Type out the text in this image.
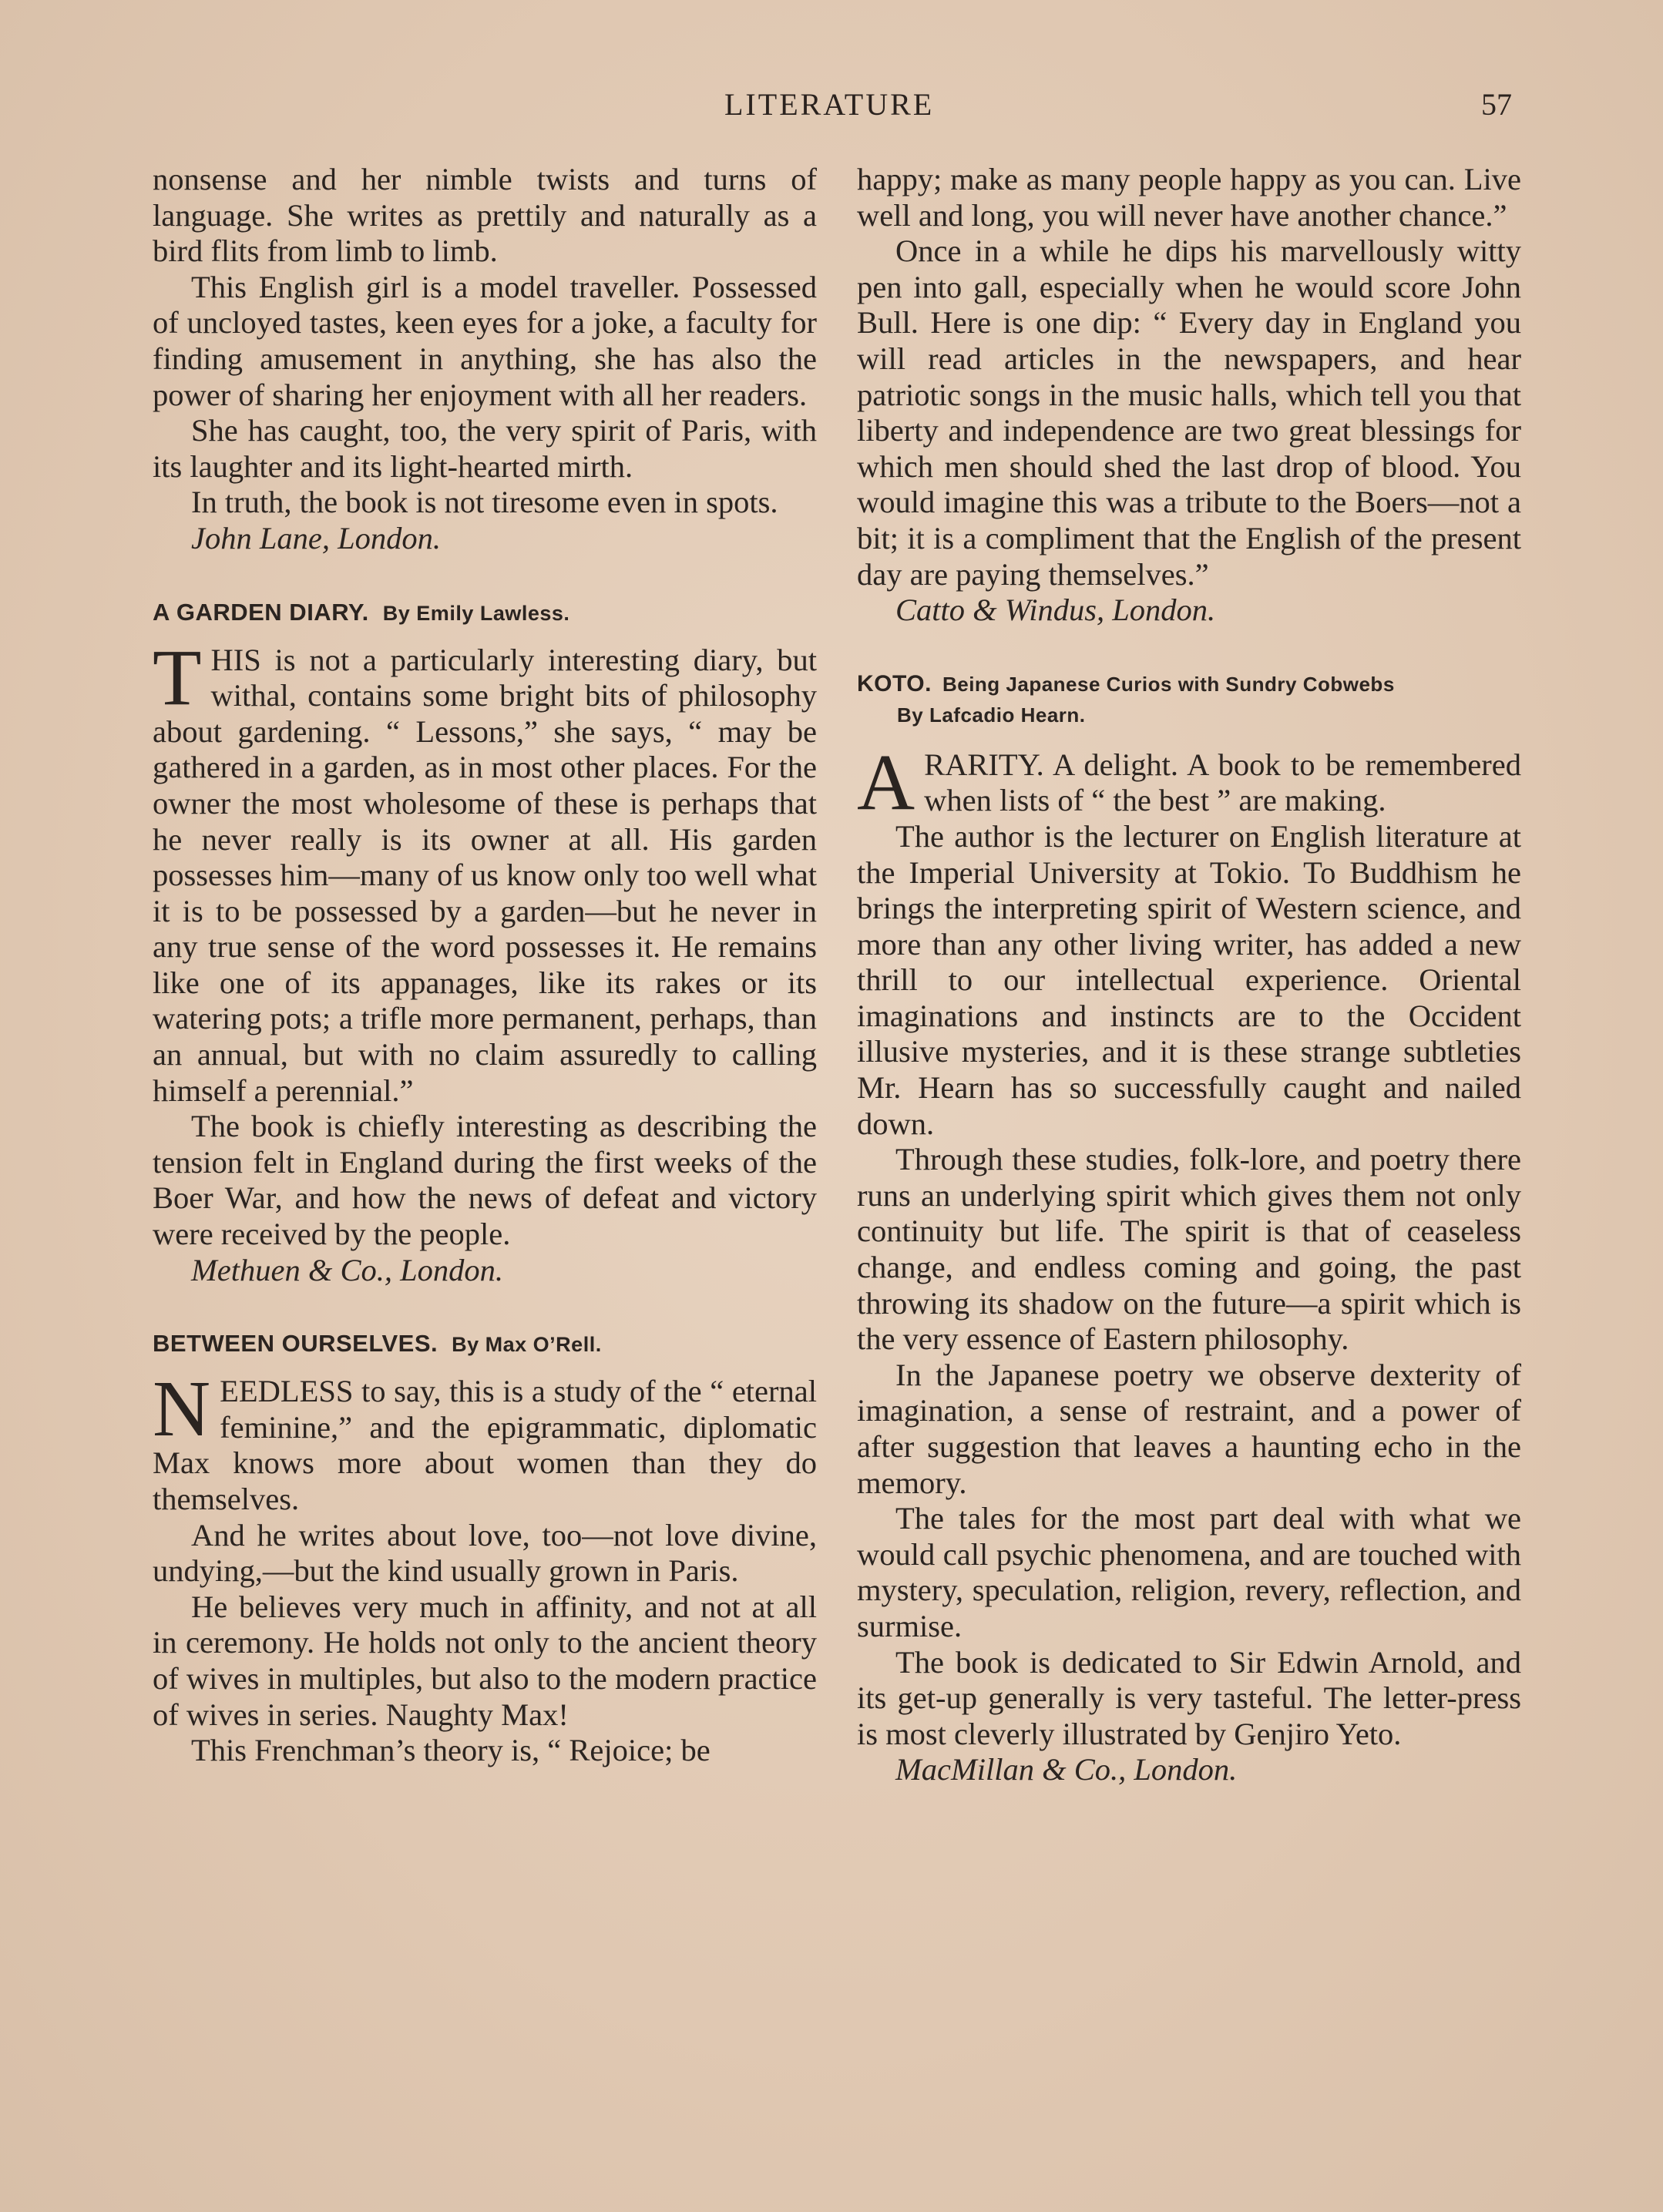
LITERATURE	57

nonsense and her nimble twists and turns of language. She writes as prettily and naturally as a bird flits from limb to limb.

This English girl is a model traveller. Possessed of uncloyed tastes, keen eyes for a joke, a faculty for finding amusement in anything, she has also the power of sharing her enjoyment with all her readers.

She has caught, too, the very spirit of Paris, with its laughter and its light-hearted mirth.

In truth, the book is not tiresome even in spots.

John Lane, London.

A GARDEN DIARY. By Emily Lawless.

THIS is not a particularly interesting diary, but withal, contains some bright bits of philosophy about gardening. “ Lessons,” she says, “ may be gathered in a garden, as in most other places. For the owner the most wholesome of these is perhaps that he never really is its owner at all. His garden possesses him—many of us know only too well what it is to be possessed by a garden—but he never in any true sense of the word possesses it. He remains like one of its appanages, like its rakes or its watering pots; a trifle more permanent, perhaps, than an annual, but with no claim assuredly to calling himself a perennial.”

The book is chiefly interesting as describing the tension felt in England during the first weeks of the Boer War, and how the news of defeat and victory were received by the people.

Methuen & Co., London.

BETWEEN OURSELVES. By Max O’Rell.

NEEDLESS to say, this is a study of the “ eternal feminine,” and the epigrammatic, diplomatic Max knows more about women than they do themselves.

And he writes about love, too—not love divine, undying,—but the kind usually grown in Paris.

He believes very much in affinity, and not at all in ceremony. He holds not only to the ancient theory of wives in multiples, but also to the modern practice of wives in series. Naughty Max!

This Frenchman’s theory is, “ Rejoice; be

happy; make as many people happy as you can. Live well and long, you will never have another chance.”

Once in a while he dips his marvellously witty pen into gall, especially when he would score John Bull. Here is one dip: “ Every day in England you will read articles in the newspapers, and hear patriotic songs in the music halls, which tell you that liberty and independence are two great blessings for which men should shed the last drop of blood. You would imagine this was a tribute to the Boers—not a bit; it is a compliment that the English of the present day are paying themselves.”

Catto & Windus, London.

KOTO. Being Japanese Curios with Sundry Cobwebs
By Lafcadio Hearn.

ARARITY. A delight. A book to be remembered when lists of “ the best ” are making.

The author is the lecturer on English literature at the Imperial University at Tokio. To Buddhism he brings the interpreting spirit of Western science, and more than any other living writer, has added a new thrill to our intellectual experience. Oriental imaginations and instincts are to the Occident illusive mysteries, and it is these strange subtleties Mr. Hearn has so successfully caught and nailed down.

Through these studies, folk-lore, and poetry there runs an underlying spirit which gives them not only continuity but life. The spirit is that of ceaseless change, and endless coming and going, the past throwing its shadow on the future—a spirit which is the very essence of Eastern philosophy.

In the Japanese poetry we observe dexterity of imagination, a sense of restraint, and a power of after suggestion that leaves a haunting echo in the memory.

The tales for the most part deal with what we would call psychic phenomena, and are touched with mystery, speculation, religion, revery, reflection, and surmise.

The book is dedicated to Sir Edwin Arnold, and its get-up generally is very tasteful. The letter-press is most cleverly illustrated by Genjiro Yeto.

MacMillan & Co., London.
